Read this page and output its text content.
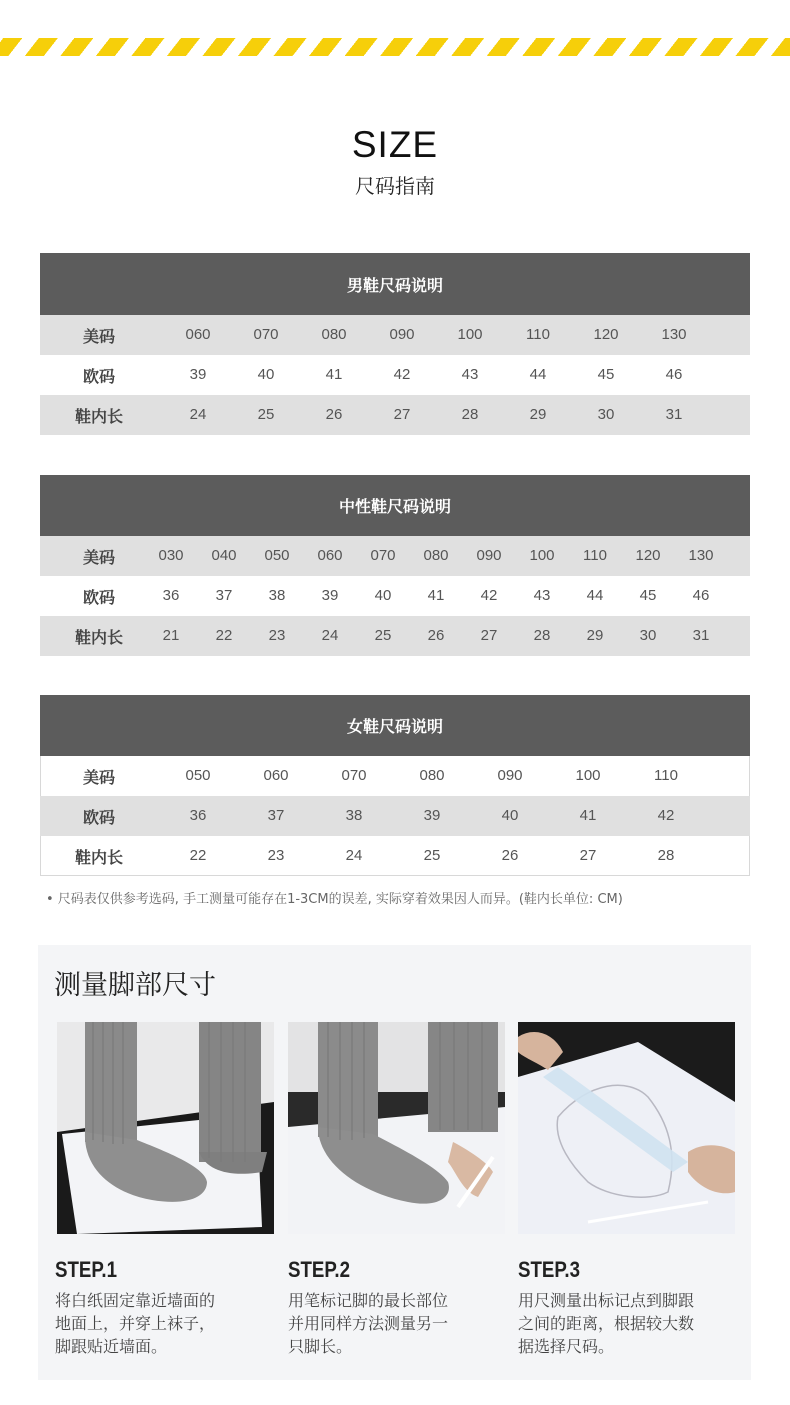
SIZE
尺码指南
男鞋尺码说明
美码	060	070	080	090	100	110	120	130
欧码	39	40	41	42	43	44	45	46
鞋内长	24	25	26	27	28	29	30	31
中性鞋尺码说明
美码	030	040	050	060	070	080	090	100	110	120	130
欧码	36	37	38	39	40	41	42	43	44	45	46
鞋内长	21	22	23	24	25	26	27	28	29	30	31
女鞋尺码说明
美码	050	060	070	080	090	100	110
欧码	36	37	38	39	40	41	42
鞋内长	22	23	24	25	26	27	28
• 尺码表仅供参考选码, 手工测量可能存在1-3CM的误差, 实际穿着效果因人而异。(鞋内长单位: CM)
测量脚部尺寸
STEP.1
将白纸固定靠近墙面的
地面上，并穿上袜子，
脚跟贴近墙面。
STEP.2
用笔标记脚的最长部位
并用同样方法测量另一
只脚长。
STEP.3
用尺测量出标记点到脚跟
之间的距离，根据较大数
据选择尺码。
